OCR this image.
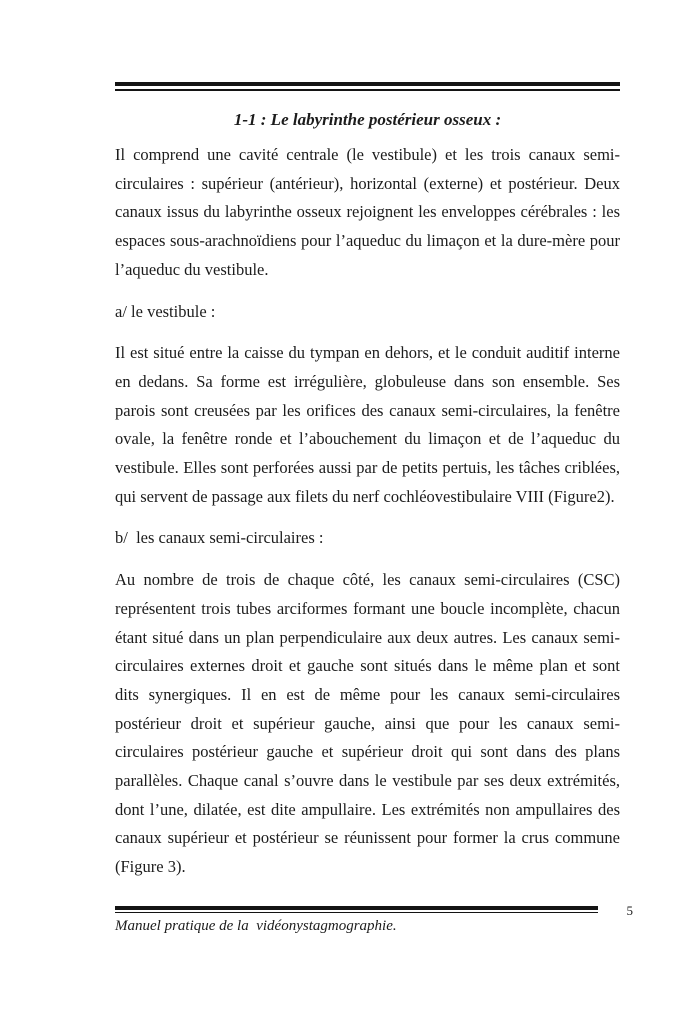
1-1 : Le labyrinthe postérieur osseux :

Il comprend une cavité centrale (le vestibule) et les trois canaux semi-circulaires : supérieur (antérieur), horizontal (externe) et postérieur. Deux canaux issus du labyrinthe osseux rejoignent les enveloppes cérébrales : les espaces sous-arachnoïdiens pour l’aqueduc du limaçon et la dure-mère pour l’aqueduc du vestibule.

a/ le vestibule :

Il est situé entre la caisse du tympan en dehors, et le conduit auditif interne en dedans. Sa forme est irrégulière, globuleuse dans son ensemble. Ses parois sont creusées par les orifices des canaux semi-circulaires, la fenêtre ovale, la fenêtre ronde et l’abouchement du limaçon et de l’aqueduc du vestibule. Elles sont perforées aussi par de petits pertuis, les tâches criblées, qui servent de passage aux filets du nerf cochléovestibulaire VIII (Figure2).

b/  les canaux semi-circulaires :

Au nombre de trois de chaque côté, les canaux semi-circulaires (CSC) représentent trois tubes arciformes formant une boucle incomplète, chacun étant situé dans un plan perpendiculaire aux deux autres. Les canaux semi-circulaires externes droit et gauche sont situés dans le même plan et sont dits synergiques. Il en est de même pour les canaux semi-circulaires postérieur droit et supérieur gauche, ainsi que pour les canaux semi-circulaires postérieur gauche et supérieur droit qui sont dans des plans parallèles. Chaque canal s’ouvre dans le vestibule par ses deux extrémités, dont l’une, dilatée, est dite ampullaire. Les extrémités non ampullaires des canaux supérieur et postérieur se réunissent pour former la crus commune (Figure 3).

5
Manuel pratique de la  vidéonystagmographie.
